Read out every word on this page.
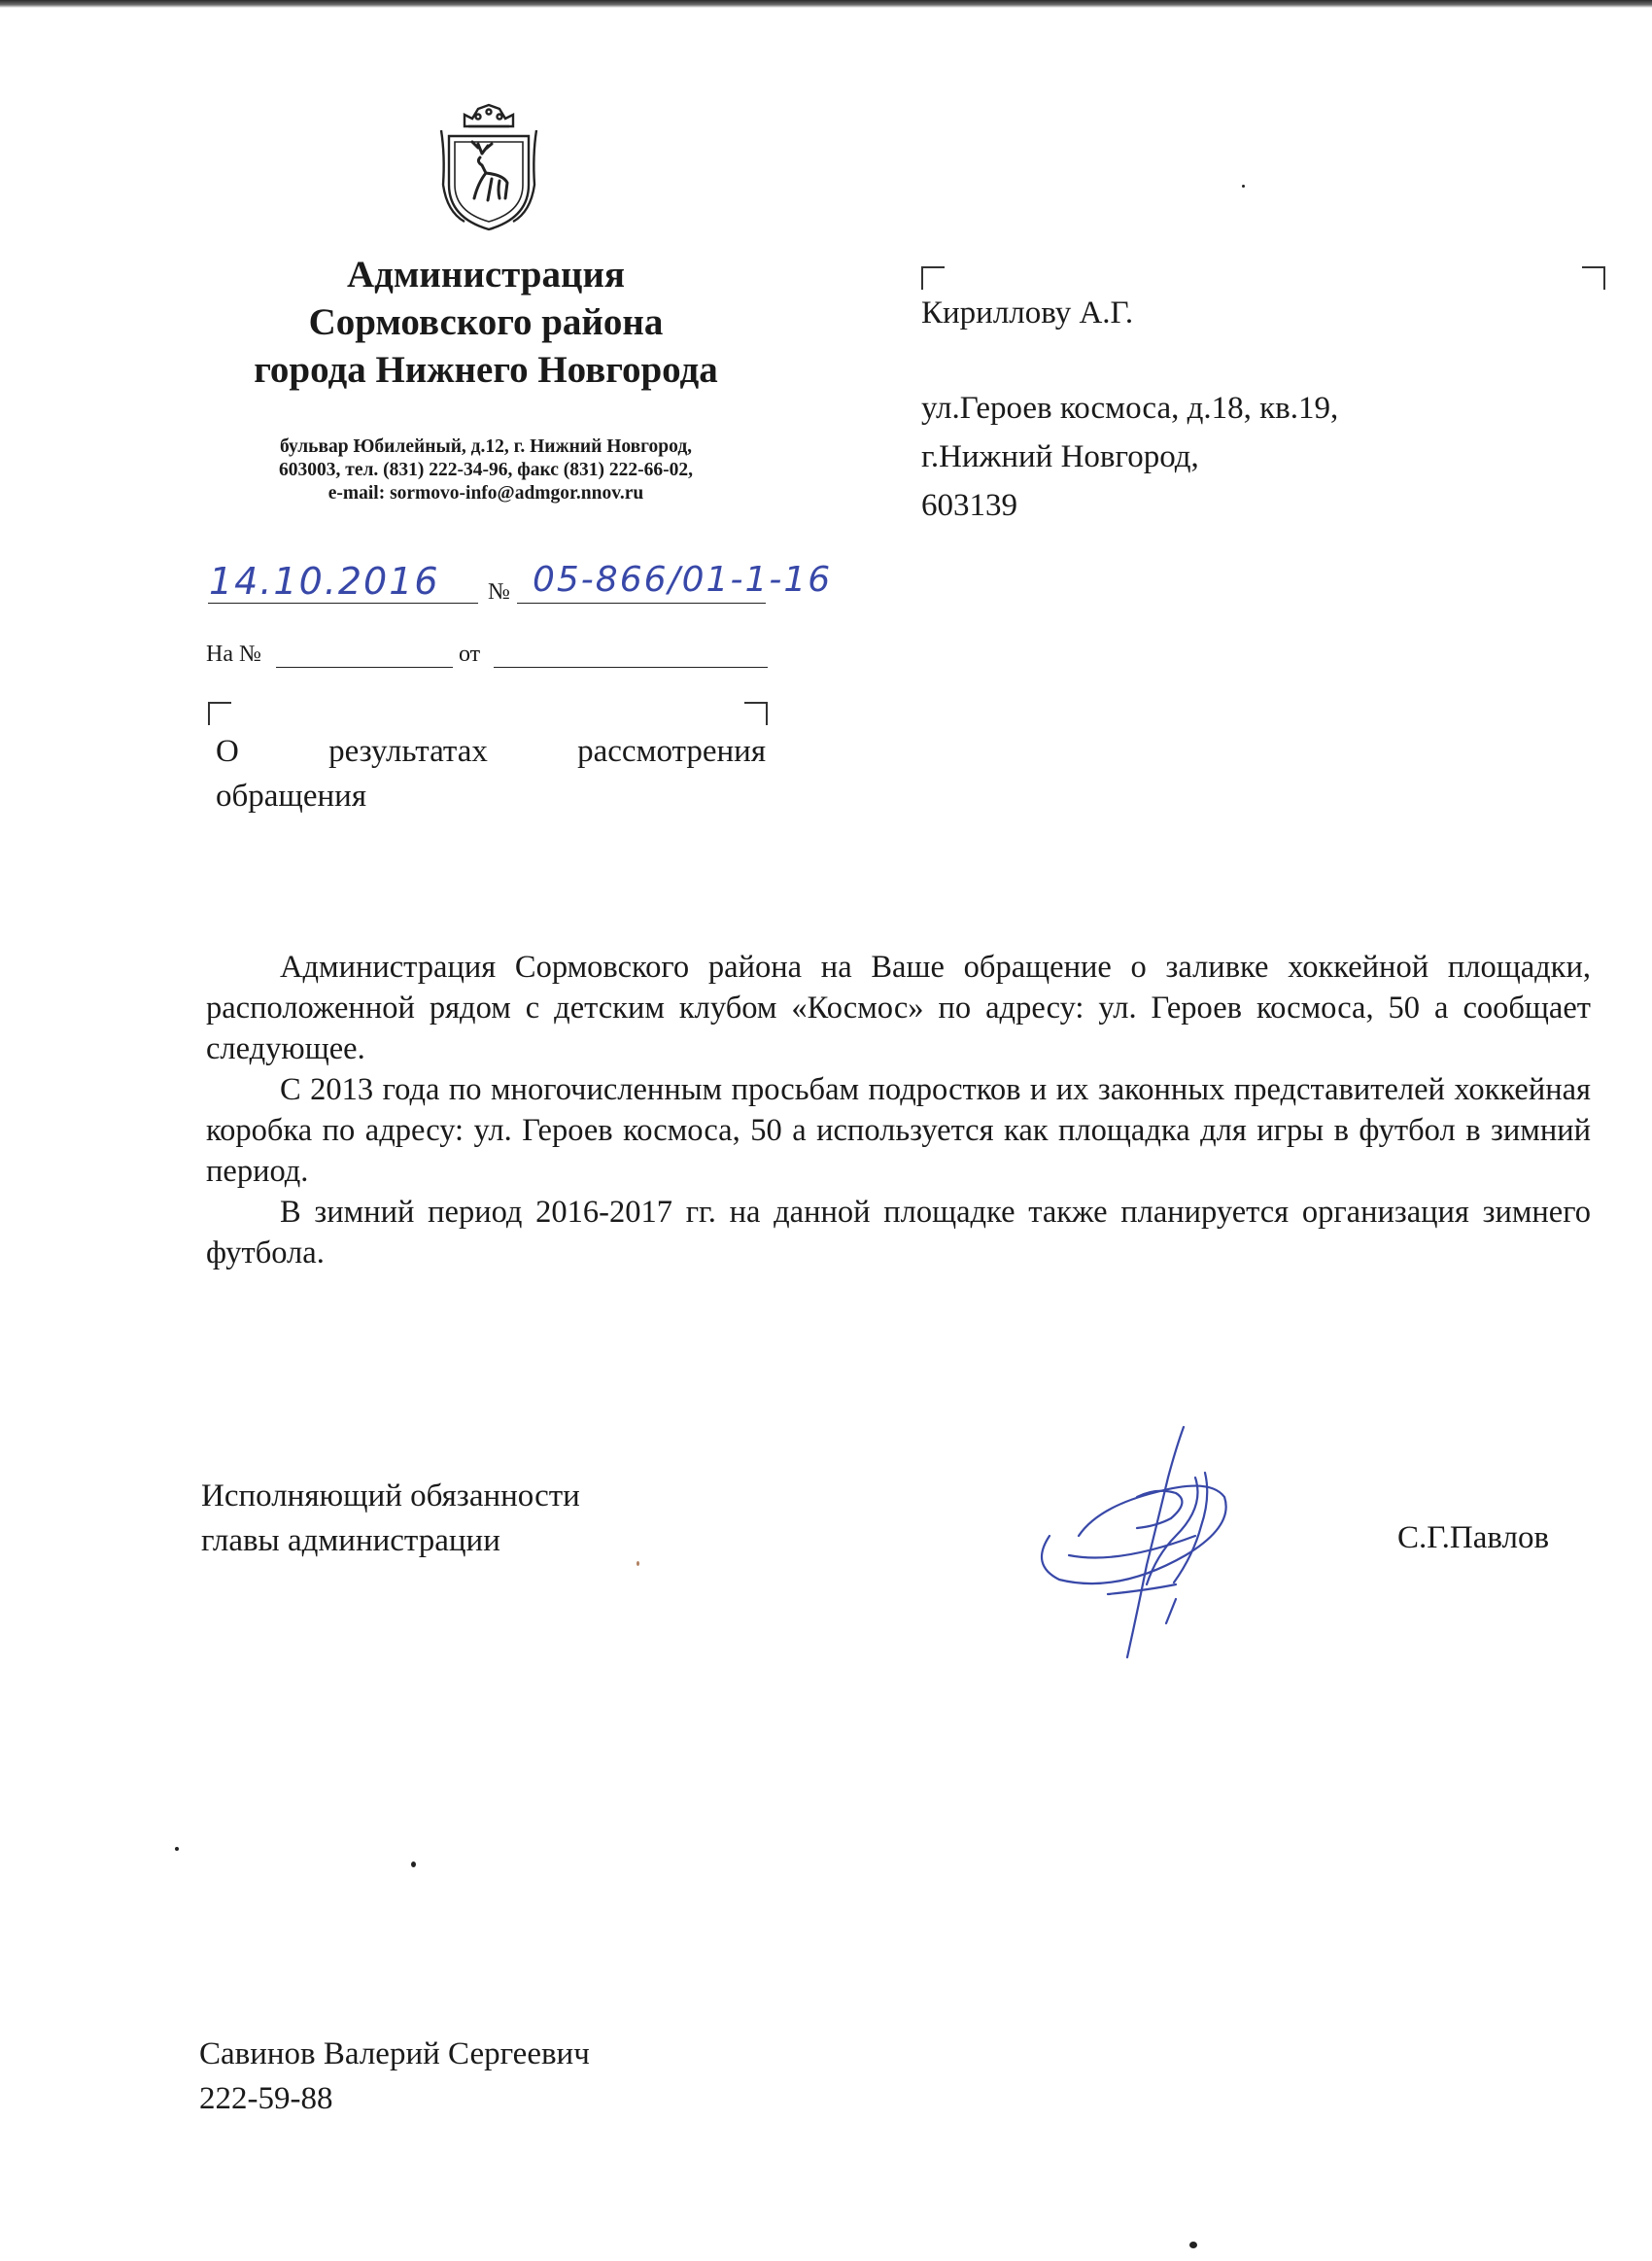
Администрация
Сормовского района
города Нижнего Новгорода
бульвар Юбилейный, д.12, г. Нижний Новгород,
603003, тел. (831) 222-34-96, факс (831) 222-66-02,
e-mail: sormovo-info@admgor.nnov.ru
Кириллову А.Г.
ул.Героев космоса, д.18, кв.19,
г.Нижний Новгород,
603139
14.10.2016 № 05-866/01-1-16
На №	от
О	результатах	рассмотрения
обращения

Администрация Сормовского района на Ваше обращение о заливке хоккейной площадки, расположенной рядом с детским клубом «Космос» по адресу: ул. Героев космоса, 50 а сообщает следующее.

С 2013 года по многочисленным просьбам подростков и их законных представителей хоккейная коробка по адресу: ул. Героев космоса, 50 а используется как площадка для игры в футбол в зимний период.

В зимний период 2016-2017 гг. на данной площадке также планируется организация зимнего футбола.

Исполняющий обязанности
главы администрации	С.Г.Павлов
Савинов Валерий Сергеевич
222-59-88
